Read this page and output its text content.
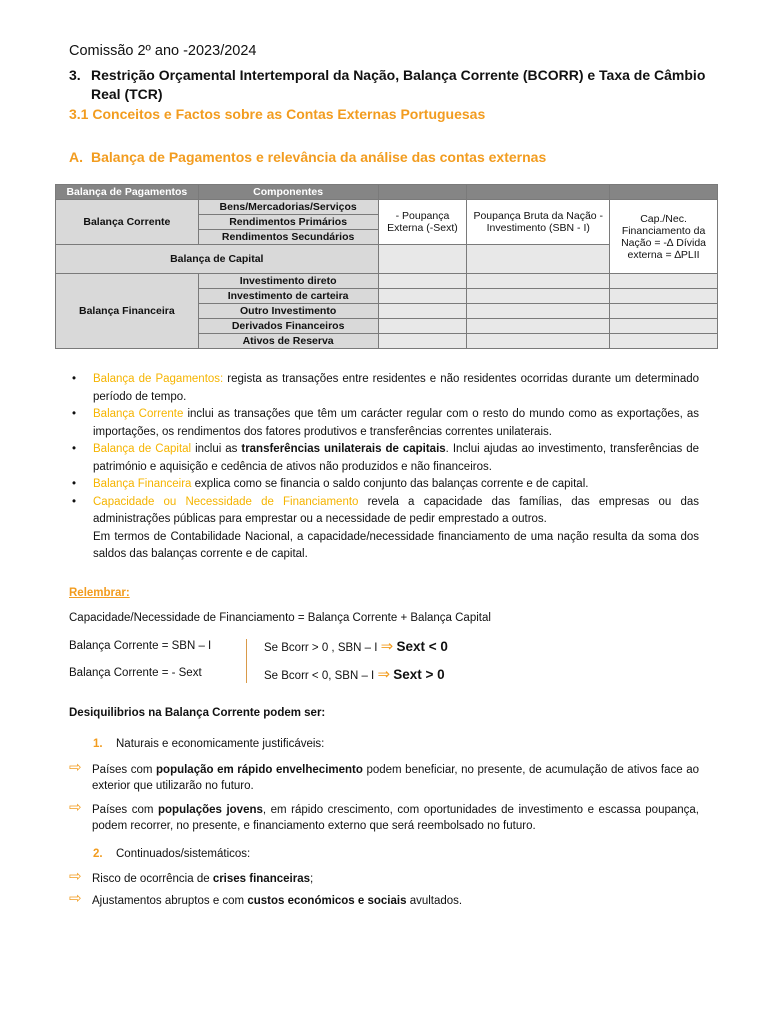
Comissão 2º ano -2023/2024
3. Restrição Orçamental Intertemporal da Nação, Balança Corrente (BCORR) e Taxa de Câmbio Real (TCR)
3.1 Conceitos e Factos sobre as Contas Externas Portuguesas
A. Balança de Pagamentos e relevância da análise das contas externas
Balança de Pagamentos	Componentes			
Balança Corrente	Bens/Mercadorias/Serviços	- Poupança Externa (-Sext)	Poupança Bruta da Nação - Investimento (SBN - I)	Cap./Nec. Financiamento da Nação = -∆ Dívida externa = ∆PLII
	Rendimentos Primários			
	Rendimentos Secundários			
Balança de Capital				

Balança Financeira	Investimento direto			
	Investimento de carteira			
	Outro Investimento			
	Derivados Financeiros			
	Ativos de Reserva			
• Balança de Pagamentos: regista as transações entre residentes e não residentes ocorridas durante um determinado período de tempo.
• Balança Corrente inclui as transações que têm um carácter regular com o resto do mundo como as exportações, as importações, os rendimentos dos fatores produtivos e transferências correntes unilaterais.
• Balança de Capital inclui as transferências unilaterais de capitais. Inclui ajudas ao investimento, transferências de património e aquisição e cedência de ativos não produzidos e não financeiros.
• Balança Financeira explica como se financia o saldo conjunto das balanças corrente e de capital.
• Capacidade ou Necessidade de Financiamento revela a capacidade das famílias, das empresas ou das administrações públicas para emprestar ou a necessidade de pedir emprestado a outros.
Em termos de Contabilidade Nacional, a capacidade/necessidade financiamento de uma nação resulta da soma dos saldos das balanças corrente e de capital.
Relembrar:
Capacidade/Necessidade de Financiamento = Balança Corrente + Balança Capital
Balança Corrente = SBN – I
Balança Corrente = - Sext
Se Bcorr > 0 , SBN – I ⇒ Sext < 0
Se Bcorr < 0, SBN – I ⇒ Sext > 0
Desiquilibrios na Balança Corrente podem ser:
1. Naturais e economicamente justificáveis:
⇨ Países com população em rápido envelhecimento podem beneficiar, no presente, de acumulação de ativos face ao exterior que utilizarão no futuro.
⇨ Países com populações jovens, em rápido crescimento, com oportunidades de investimento e escassa poupança, podem recorrer, no presente, e financiamento externo que será reembolsado no futuro.
2. Continuados/sistemáticos:
⇨ Risco de ocorrência de crises financeiras;
⇨ Ajustamentos abruptos e com custos económicos e sociais avultados.
